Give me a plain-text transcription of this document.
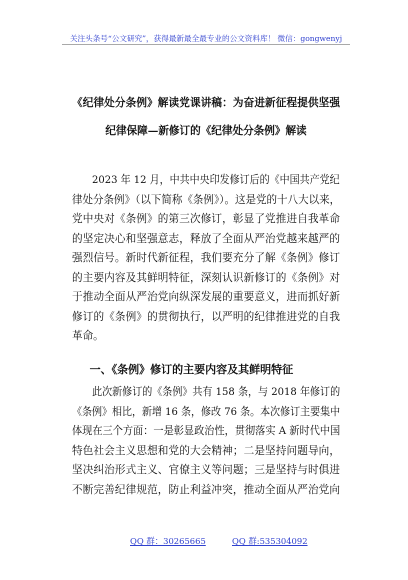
关注头条号“公文研究”，获得最新最全最专业的公文资料库！ 微信：gongwenyj
《纪律处分条例》解读党课讲稿：为奋进新征程提供坚强
纪律保障—新修订的《纪律处分条例》解读
2023 年 12 月，中共中央印发修订后的《中国共产党纪
律处分条例》（以下简称《条例》）。这是党的十八大以来，
党中央对《条例》的第三次修订，彰显了党推进自我革命
的坚定决心和坚强意志，释放了全面从严治党越来越严的
强烈信号。新时代新征程，我们要充分了解《条例》修订
的主要内容及其鲜明特征，深刻认识新修订的《条例》对
于推动全面从严治党向纵深发展的重要意义，进而抓好新
修订的《条例》的贯彻执行，以严明的纪律推进党的自我
革命。
一、《条例》修订的主要内容及其鲜明特征
此次新修订的《条例》共有 158 条，与 2018 年修订的
《条例》相比，新增 16 条，修改 76 条。本次修订主要集中
体现在三个方面：一是彰显政治性，贯彻落实 A 新时代中国
特色社会主义思想和党的大会精神；二是坚持问题导向，
坚决纠治形式主义、官僚主义等问题；三是坚持与时俱进
不断完善纪律规范，防止利益冲突，推动全面从严治党向
QQ 群：30265665	QQ 群:535304092
